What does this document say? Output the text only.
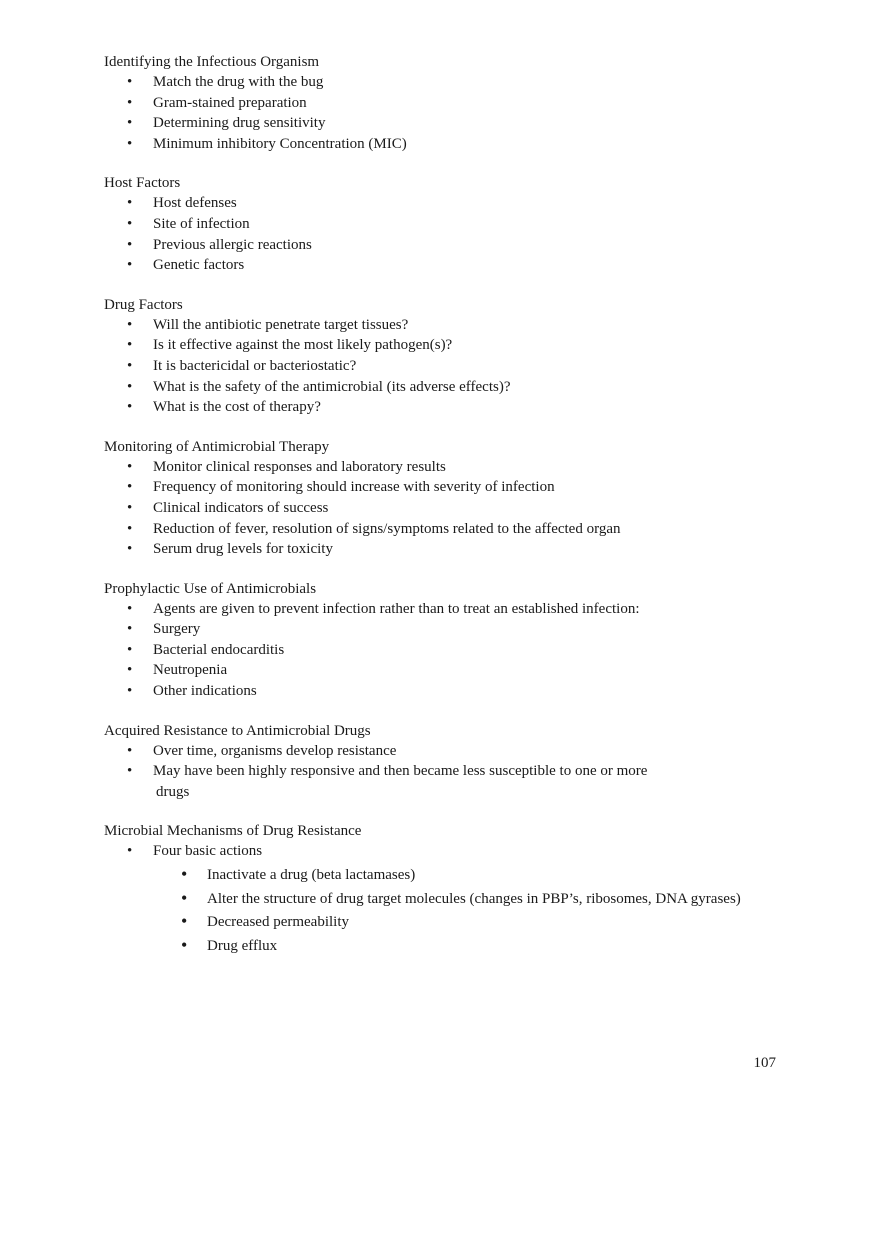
Identifying the Infectious Organism
• Match the drug with the bug
• Gram-stained preparation
• Determining drug sensitivity
• Minimum inhibitory Concentration (MIC)
Host Factors
• Host defenses
• Site of infection
• Previous allergic reactions
• Genetic factors
Drug Factors
• Will the antibiotic penetrate target tissues?
• Is it effective against the most likely pathogen(s)?
• It is bactericidal or bacteriostatic?
• What is the safety of the antimicrobial (its adverse effects)?
• What is the cost of therapy?
Monitoring of Antimicrobial Therapy
• Monitor clinical responses and laboratory results
• Frequency of monitoring should increase with severity of infection
• Clinical indicators of success
• Reduction of fever, resolution of signs/symptoms related to the affected organ
• Serum drug levels for toxicity
Prophylactic Use of Antimicrobials
• Agents are given to prevent infection rather than to treat an established infection:
• Surgery
• Bacterial endocarditis
• Neutropenia
• Other indications
Acquired Resistance to Antimicrobial Drugs
• Over time, organisms develop resistance
• May have been highly responsive and then became less susceptible to one or more
drugs
Microbial Mechanisms of Drug Resistance
• Four basic actions
• Inactivate a drug (beta lactamases)
• Alter the structure of drug target molecules (changes in PBP’s, ribosomes, DNA gyrases)
• Decreased permeability
• Drug efflux
107
